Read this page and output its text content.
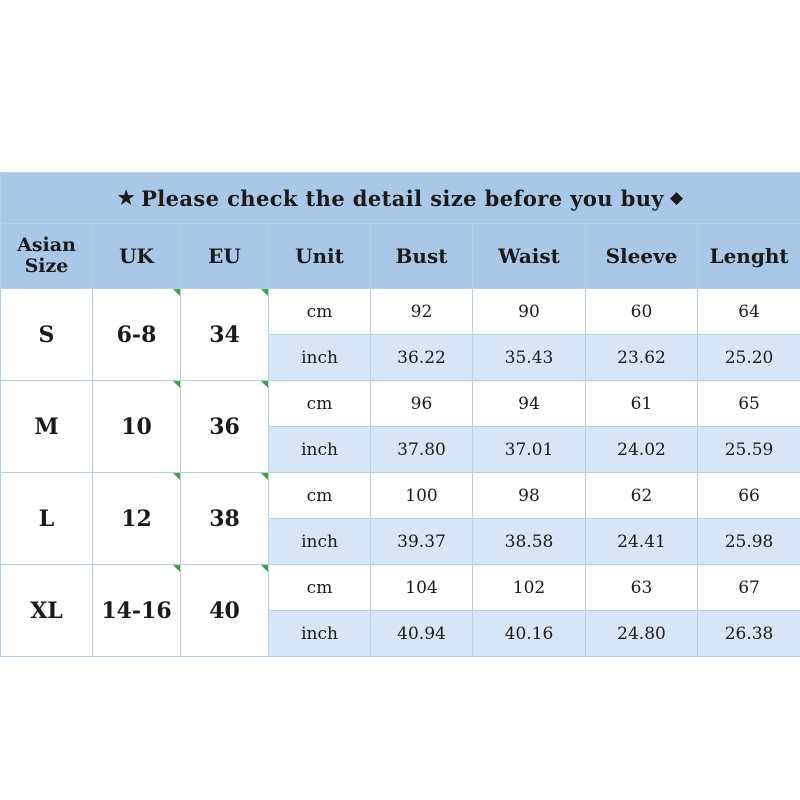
★ Please check the detail size before you buy ◆							

Asian
Size	UK	EU	Unit	Bust	Waist	Sleeve	Lenght
S	6-8	34	cm	92	90	60	64
			inch	36.22	35.43	23.62	25.20
M	10	36	cm	96	94	61	65
			inch	37.80	37.01	24.02	25.59
L	12	38	cm	100	98	62	66
			inch	39.37	38.58	24.41	25.98
XL	14-16	40	cm	104	102	63	67
			inch	40.94	40.16	24.80	26.38
